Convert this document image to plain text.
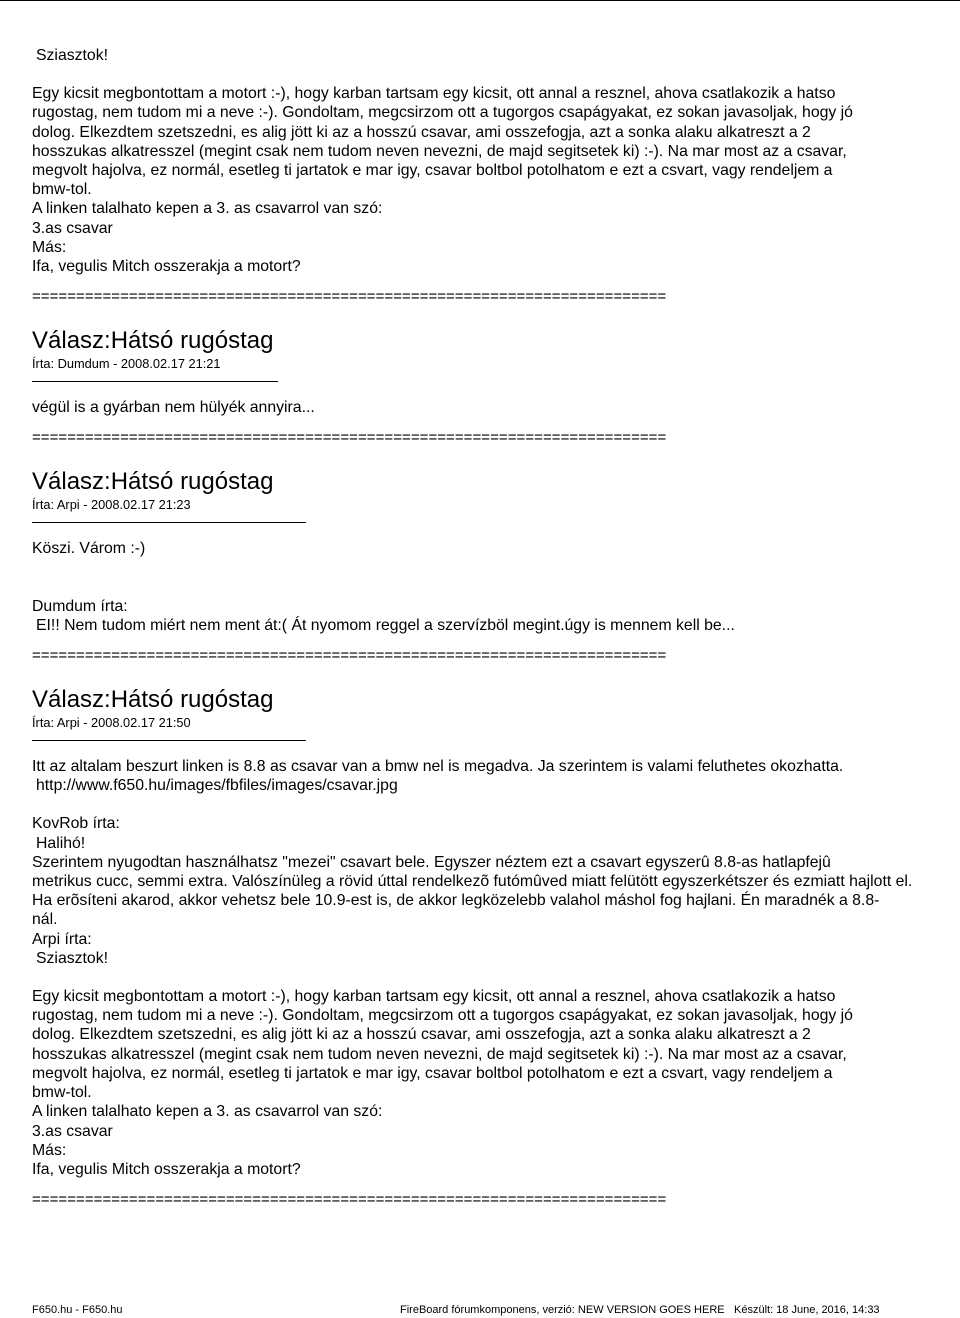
Sziasztok!
Egy kicsit megbontottam a motort :-), hogy karban tartsam egy kicsit, ott annal a resznel, ahova csatlakozik a hatso
rugostag, nem tudom mi a neve :-). Gondoltam, megcsirzom ott a tugorgos csapágyakat, ez sokan javasoljak, hogy jó
dolog. Elkezdtem szetszedni, es alig jött ki az a hosszú csavar, ami osszefogja, azt a sonka alaku alkatreszt a 2
hosszukas alkatresszel (megint csak nem tudom neven nevezni, de majd segitsetek ki) :-). Na mar most az a csavar,
megvolt hajolva, ez normál, esetleg ti jartatok e mar igy, csavar boltbol potolhatom e ezt a csvart, vagy rendeljem a
bmw-tol.
A linken talalhato kepen a 3. as csavarrol van szó:
3.as csavar
Más:
Ifa, vegulis Mitch osszerakja a motort?
========================================================================
Válasz:Hátsó rugóstag
Írta: Dumdum - 2008.02.17 21:21
végül is a gyárban nem hülyék annyira...
========================================================================
Válasz:Hátsó rugóstag
Írta: Arpi - 2008.02.17 21:23
Köszi. Várom :-)
Dumdum írta:
EI!! Nem tudom miért nem ment át:( Át nyomom reggel a szervízböl megint.úgy is mennem kell be...
========================================================================
Válasz:Hátsó rugóstag
Írta: Arpi - 2008.02.17 21:50
Itt az altalam beszurt linken is 8.8 as csavar van a bmw nel is megadva. Ja szerintem is valami feluthetes okozhatta.
http://www.f650.hu/images/fbfiles/images/csavar.jpg
KovRob írta:
Halihó!
Szerintem nyugodtan használhatsz "mezei" csavart bele. Egyszer néztem ezt a csavart egyszerû 8.8-as hatlapfejû
metrikus cucc, semmi extra. Valószínüleg a rövid úttal rendelkezõ futómûved miatt felütött egyszerkétszer és ezmiatt hajlott el.
Ha erõsíteni akarod, akkor vehetsz bele 10.9-est is, de akkor legközelebb valahol máshol fog hajlani. Én maradnék a 8.8-
nál.
Arpi írta:
Sziasztok!
Egy kicsit megbontottam a motort :-), hogy karban tartsam egy kicsit, ott annal a resznel, ahova csatlakozik a hatso
rugostag, nem tudom mi a neve :-). Gondoltam, megcsirzom ott a tugorgos csapágyakat, ez sokan javasoljak, hogy jó
dolog. Elkezdtem szetszedni, es alig jött ki az a hosszú csavar, ami osszefogja, azt a sonka alaku alkatreszt a 2
hosszukas alkatresszel (megint csak nem tudom neven nevezni, de majd segitsetek ki) :-). Na mar most az a csavar,
megvolt hajolva, ez normál, esetleg ti jartatok e mar igy, csavar boltbol potolhatom e ezt a csvart, vagy rendeljem a
bmw-tol.
A linken talalhato kepen a 3. as csavarrol van szó:
3.as csavar
Más:
Ifa, vegulis Mitch osszerakja a motort?
========================================================================
F650.hu - F650.hu	FireBoard fórumkomponens, verzió: NEW VERSION GOES HERE Készült: 18 June, 2016, 14:33
